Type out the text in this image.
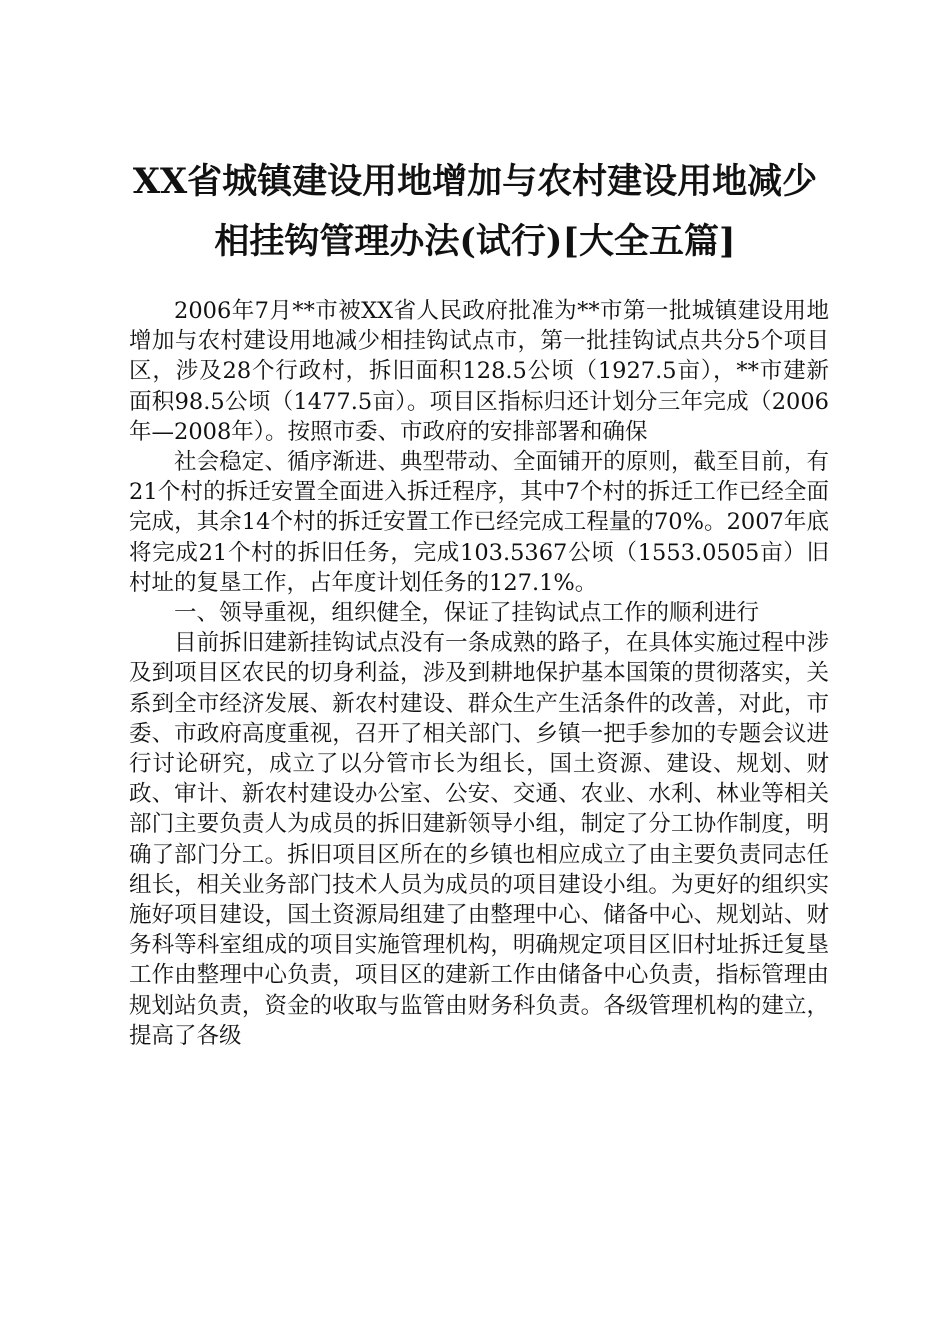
XX省城镇建设用地增加与农村建设用地减少
相挂钩管理办法(试行)[大全五篇]

2006年7月**市被XX省人民政府批准为**市第一批城镇建设用地增加与农村建设用地减少相挂钩试点市，第一批挂钩试点共分5个项目区，涉及28个行政村，拆旧面积128.5公顷（1927.5亩），**市建新面积98.5公顷（1477.5亩）。项目区指标归还计划分三年完成（2006年—2008年）。按照市委、市政府的安排部署和确保

社会稳定、循序渐进、典型带动、全面铺开的原则，截至目前，有21个村的拆迁安置全面进入拆迁程序，其中7个村的拆迁工作已经全面完成，其余14个村的拆迁安置工作已经完成工程量的70%。2007年底将完成21个村的拆旧任务，完成103.5367公顷（1553.0505亩）旧村址的复垦工作，占年度计划任务的127.1%。

一、领导重视，组织健全，保证了挂钩试点工作的顺利进行

目前拆旧建新挂钩试点没有一条成熟的路子，在具体实施过程中涉及到项目区农民的切身利益，涉及到耕地保护基本国策的贯彻落实，关系到全市经济发展、新农村建设、群众生产生活条件的改善，对此，市委、市政府高度重视，召开了相关部门、乡镇一把手参加的专题会议进行讨论研究，成立了以分管市长为组长，国土资源、建设、规划、财政、审计、新农村建设办公室、公安、交通、农业、水利、林业等相关部门主要负责人为成员的拆旧建新领导小组，制定了分工协作制度，明确了部门分工。拆旧项目区所在的乡镇也相应成立了由主要负责同志任组长，相关业务部门技术人员为成员的项目建设小组。为更好的组织实施好项目建设，国土资源局组建了由整理中心、储备中心、规划站、财务科等科室组成的项目实施管理机构，明确规定项目区旧村址拆迁复垦工作由整理中心负责，项目区的建新工作由储备中心负责，指标管理由规划站负责，资金的收取与监管由财务科负责。各级管理机构的建立，提高了各级
